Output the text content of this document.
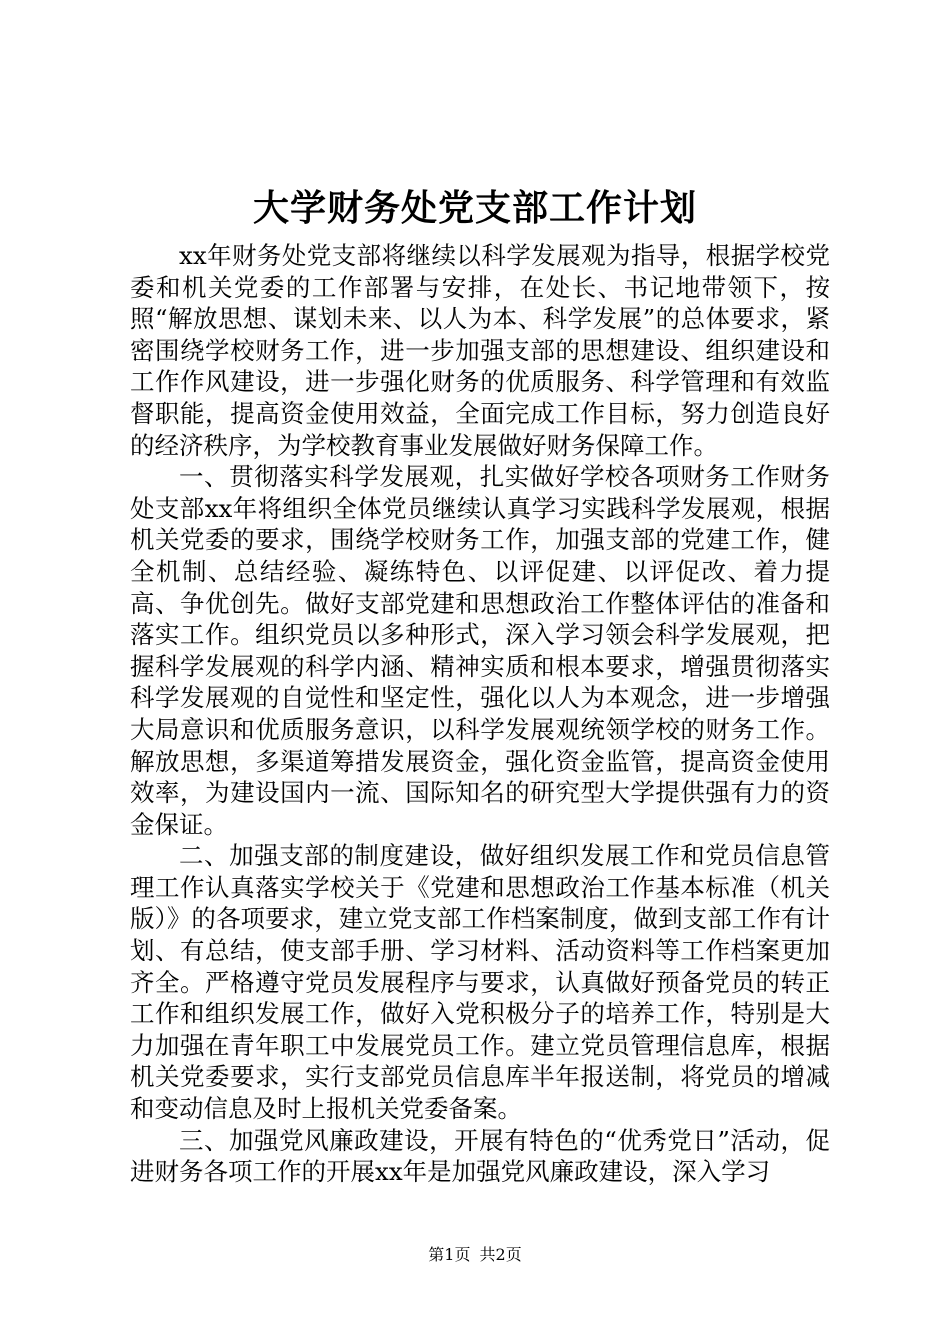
大学财务处党支部工作计划

xx年财务处党支部将继续以科学发展观为指导，根据学校党委和机关党委的工作部署与安排，在处长、书记地带领下，按照“解放思想、谋划未来、以人为本、科学发展”的总体要求，紧密围绕学校财务工作，进一步加强支部的思想建设、组织建设和工作作风建设，进一步强化财务的优质服务、科学管理和有效监督职能，提高资金使用效益，全面完成工作目标，努力创造良好的经济秩序，为学校教育事业发展做好财务保障工作。

一、贯彻落实科学发展观，扎实做好学校各项财务工作财务处支部xx年将组织全体党员继续认真学习实践科学发展观，根据机关党委的要求，围绕学校财务工作，加强支部的党建工作，健全机制、总结经验、凝练特色、以评促建、以评促改、着力提高、争优创先。做好支部党建和思想政治工作整体评估的准备和落实工作。组织党员以多种形式，深入学习领会科学发展观，把握科学发展观的科学内涵、精神实质和根本要求，增强贯彻落实科学发展观的自觉性和坚定性，强化以人为本观念，进一步增强大局意识和优质服务意识，以科学发展观统领学校的财务工作。解放思想，多渠道筹措发展资金，强化资金监管，提高资金使用效率，为建设国内一流、国际知名的研究型大学提供强有力的资金保证。

二、加强支部的制度建设，做好组织发展工作和党员信息管理工作认真落实学校关于《党建和思想政治工作基本标准（机关版）》的各项要求，建立党支部工作档案制度，做到支部工作有计划、有总结，使支部手册、学习材料、活动资料等工作档案更加齐全。严格遵守党员发展程序与要求，认真做好预备党员的转正工作和组织发展工作，做好入党积极分子的培养工作，特别是大力加强在青年职工中发展党员工作。建立党员管理信息库，根据机关党委要求，实行支部党员信息库半年报送制，将党员的增减和变动信息及时上报机关党委备案。

三、加强党风廉政建设，开展有特色的“优秀党日”活动，促进财务各项工作的开展xx年是加强党风廉政建设，深入学习

第1页 共2页
